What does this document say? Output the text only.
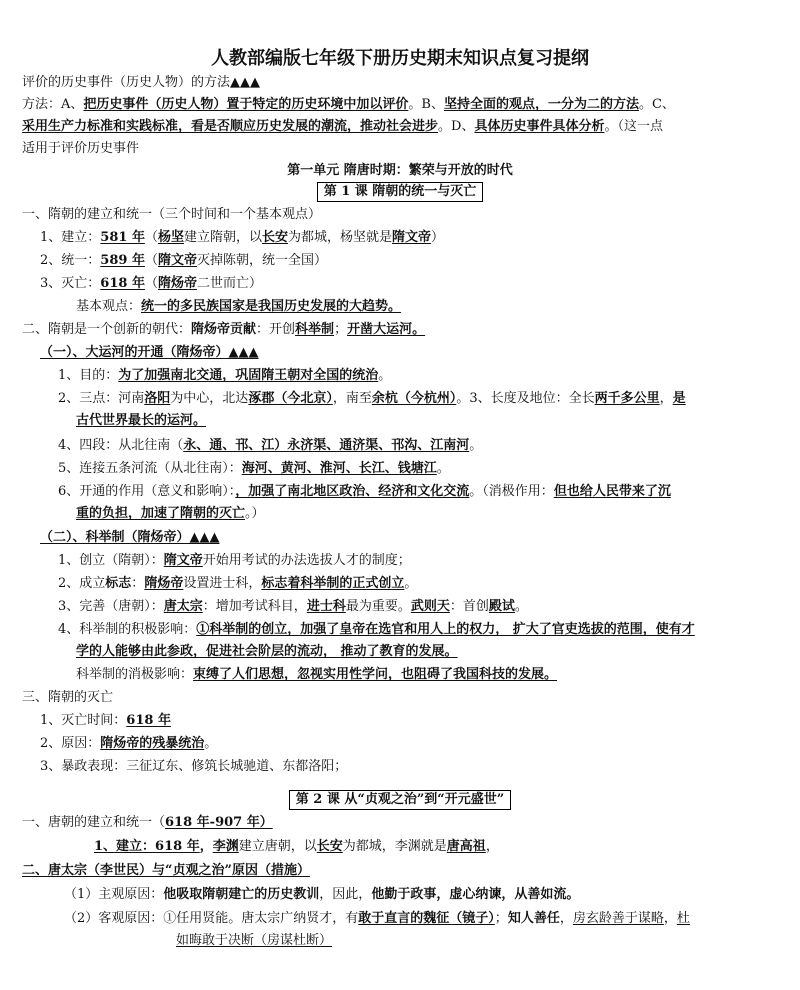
人教部编版七年级下册历史期末知识点复习提纲
评价的历史事件（历史人物）的方法▲▲▲
方法：A、把历史事件（历史人物）置于特定的历史环境中加以评价。B、坚持全面的观点，一分为二的方法。C、
采用生产力标准和实践标准，看是否顺应历史发展的潮流，推动社会进步。D、具体历史事件具体分析。（这一点
适用于评价历史事件
第一单元 隋唐时期：繁荣与开放的时代
第 1 课 隋朝的统一与灭亡
一、隋朝的建立和统一（三个时间和一个基本观点）
1、建立：581 年（杨坚建立隋朝，以长安为都城，杨坚就是隋文帝）
2、统一：589 年（隋文帝灭掉陈朝，统一全国）
3、灭亡：618 年（隋炀帝二世而亡）
基本观点：统一的多民族国家是我国历史发展的大趋势。
二、隋朝是一个创新的朝代：隋炀帝贡献：开创科举制；开凿大运河。
（一）、大运河的开通（隋炀帝）▲▲▲
1、目的：为了加强南北交通，巩固隋王朝对全国的统治。
2、三点：河南洛阳为中心，北达涿郡（今北京），南至余杭（今杭州）。3、长度及地位：全长两千多公里，是
古代世界最长的运河。
4、四段：从北往南（永、通、邗、江）永济渠、通济渠、邗沟、江南河。
5、连接五条河流（从北往南）：海河、黄河、淮河、长江、钱塘江。
6、开通的作用（意义和影响）：，加强了南北地区政治、经济和文化交流。（消极作用：但也给人民带来了沉
重的负担，加速了隋朝的灭亡。）
（二）、科举制（隋炀帝）▲▲▲
1、创立（隋朝）：隋文帝开始用考试的办法选拔人才的制度；
2、成立标志：隋炀帝设置进士科，标志着科举制的正式创立。
3、完善（唐朝）：唐太宗：增加考试科目，进士科最为重要。武则天：首创殿试。
4、科举制的积极影响：①科举制的创立，加强了皇帝在选官和用人上的权力， 扩大了官吏选拔的范围，使有才
学的人能够由此参政，促进社会阶层的流动， 推动了教育的发展。
科举制的消极影响：束缚了人们思想，忽视实用性学问，也阻碍了我国科技的发展。
三、隋朝的灭亡
1、灭亡时间：618 年
2、原因：隋炀帝的残暴统治。
3、暴政表现：三征辽东、修筑长城驰道、东都洛阳；
第 2 课 从“贞观之治”到“开元盛世”
一、唐朝的建立和统一（618 年-907 年）
1、建立：618 年，李渊建立唐朝，以长安为都城，李渊就是唐高祖，
二、唐太宗（李世民）与“贞观之治”原因（措施）
（1）主观原因：他吸取隋朝建亡的历史教训，因此，他勤于政事，虚心纳谏，从善如流。
（2）客观原因：①任用贤能。唐太宗广纳贤才，有敢于直言的魏征（镜子）；知人善任，房玄龄善于谋略，杜
如晦敢于决断（房谋杜断）
